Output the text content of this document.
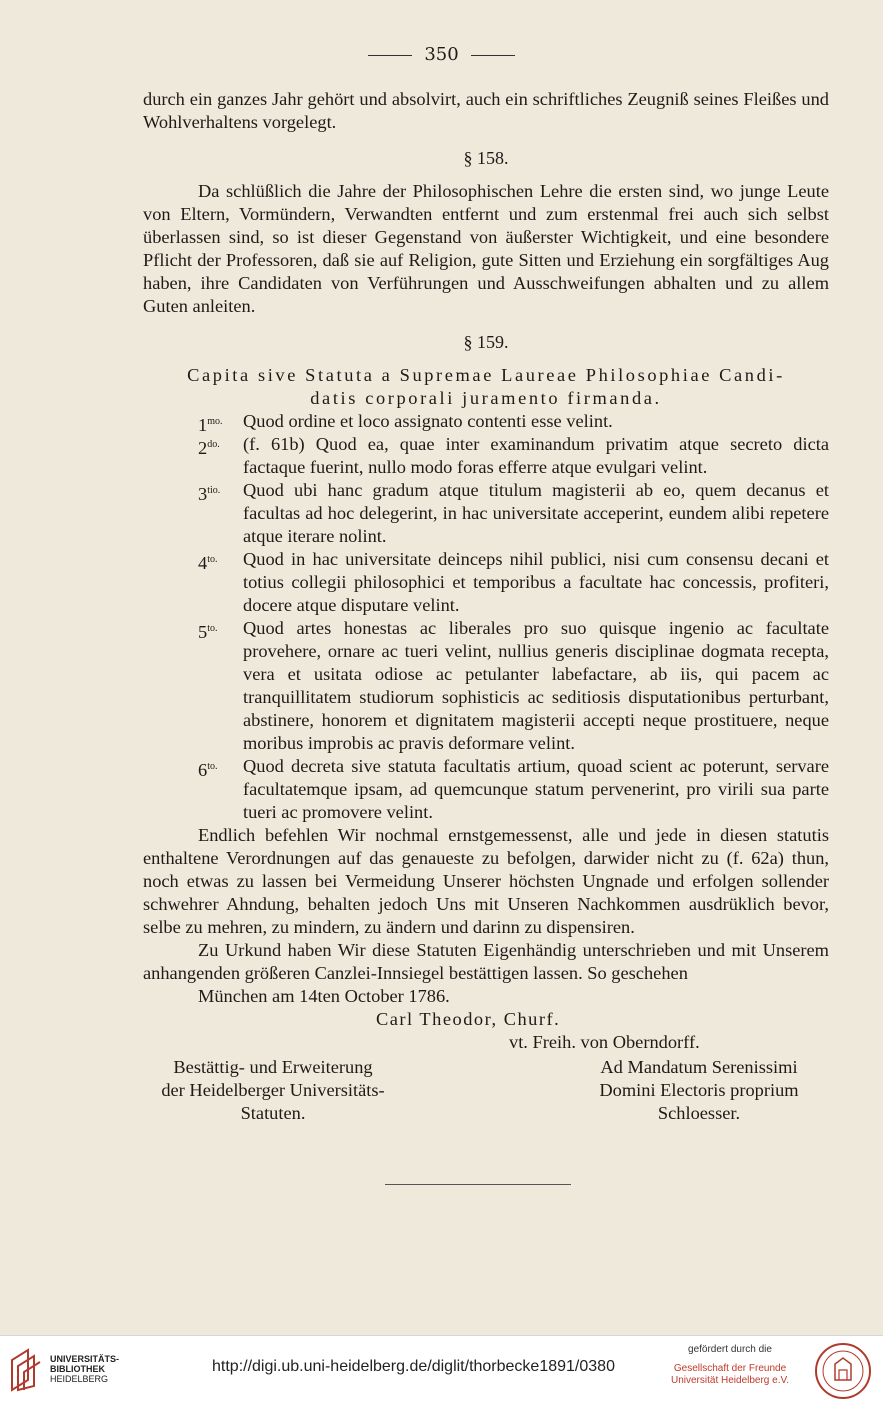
350

durch ein ganzes Jahr gehört und absolvirt, auch ein schriftliches Zeugniß seines Fleißes und Wohlverhaltens vorgelegt.

§ 158.

Da schlüßlich die Jahre der Philosophischen Lehre die ersten sind, wo junge Leute von Eltern, Vormündern, Verwandten entfernt und zum erstenmal frei auch sich selbst überlassen sind, so ist dieser Gegenstand von äußerster Wichtigkeit, und eine besondere Pflicht der Professoren, daß sie auf Religion, gute Sitten und Erziehung ein sorgfältiges Aug haben, ihre Candidaten von Verführungen und Ausschweifungen abhalten und zu allem Guten anleiten.

§ 159.
Capita sive Statuta a Supremae Laureae Philosophiae Candi-
datis corporali juramento firmanda.
$1^{mo.}$ Quod ordine et loco assignato contenti esse velint.
$2^{do.}$ (f. 61b) Quod ea, quae inter examinandum privatim atque secreto dicta factaque fuerint, nullo modo foras efferre atque evulgari velint.
$3^{tio.}$ Quod ubi hanc gradum atque titulum magisterii ab eo, quem decanus et facultas ad hoc delegerint, in hac universitate acceperint, eundem alibi repetere atque iterare nolint.
$4^{to.}$ Quod in hac universitate deinceps nihil publici, nisi cum consensu decani et totius collegii philosophici et temporibus a facultate hac concessis, profiteri, docere atque disputare velint.
$5^{to.}$ Quod artes honestas ac liberales pro suo quisque ingenio ac facultate provehere, ornare ac tueri velint, nullius generis disciplinae dogmata recepta, vera et usitata odiose ac petulanter labefactare, ab iis, qui pacem ac tranquillitatem studiorum sophisticis ac seditiosis disputationibus perturbant, abstinere, honorem et dignitatem magisterii accepti neque prostituere, neque moribus improbis ac pravis deformare velint.
$6^{to.}$ Quod decreta sive statuta facultatis artium, quoad scient ac poterunt, servare facultatemque ipsam, ad quemcunque statum pervenerint, pro virili sua parte tueri ac promovere velint.

Endlich befehlen Wir nochmal ernstgemessenst, alle und jede in diesen statutis enthaltene Verordnungen auf das genaueste zu befolgen, darwider nicht zu (f. 62a) thun, noch etwas zu lassen bei Vermeidung Unserer höchsten Ungnade und erfolgen sollender schwehrer Ahndung, behalten jedoch Uns mit Unseren Nachkommen ausdrüklich bevor, selbe zu mehren, zu mindern, zu ändern und darinn zu dispensiren.

Zu Urkund haben Wir diese Statuten Eigenhändig unterschrieben und mit Unserem anhangenden größeren Canzlei-Innsiegel bestättigen lassen. So geschehen

München am 14ten October 1786.

Carl Theodor, Churf.

vt. Freih. von Oberndorff.

Bestättig- und Erweiterung
der Heidelberger Universitäts-
Statuten.
Ad Mandatum Serenissimi
Domini Electoris proprium
Schloesser.
UNIVERSITÄTS-
BIBLIOTHEK
HEIDELBERG
http://digi.ub.uni-heidelberg.de/diglit/thorbecke1891/0380
gefördert durch die
Gesellschaft der Freunde
Universität Heidelberg e.V.
